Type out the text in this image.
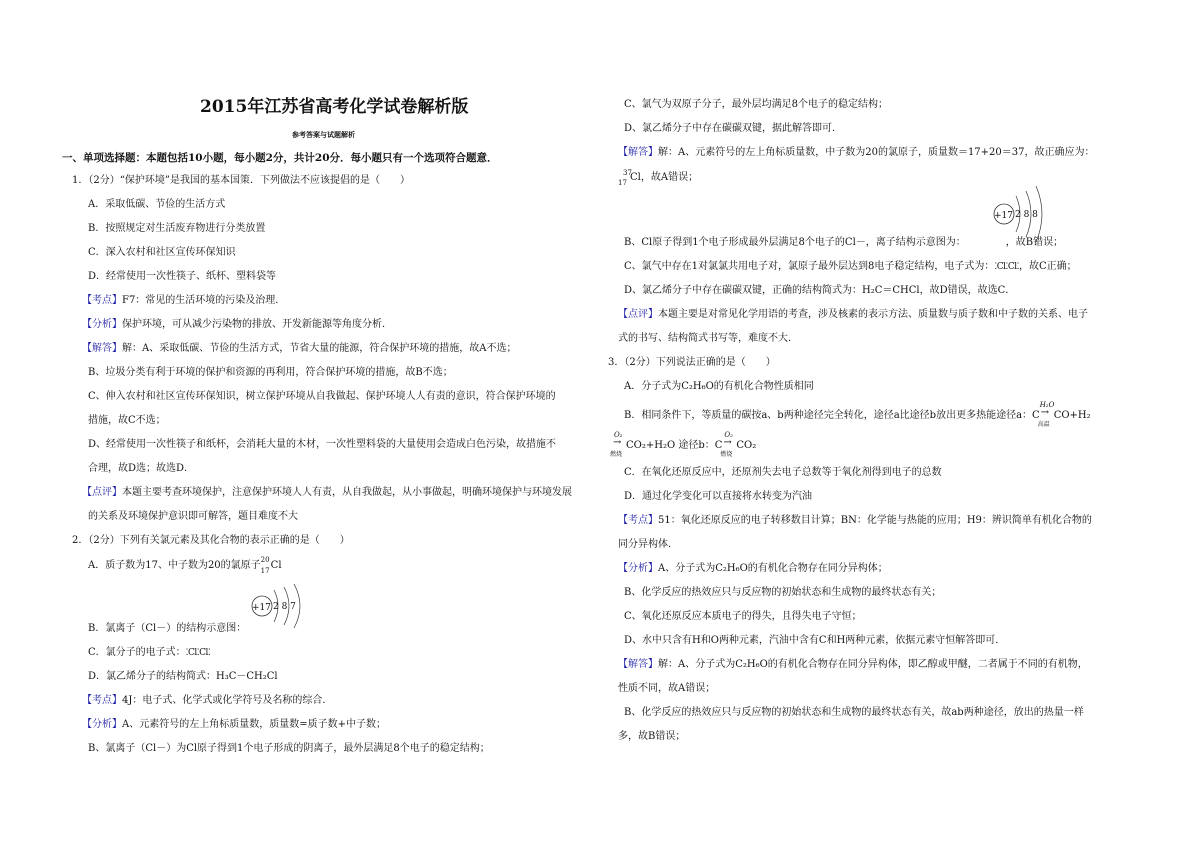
2015年江苏省高考化学试卷解析版
参考答案与试题解析
一、单项选择题：本题包括10小题，每小题2分，共计20分．每小题只有一个选项符合题意．
1．（2分）“保护环境”是我国的基本国策．下列做法不应该提倡的是（　　）
A．采取低碳、节俭的生活方式
B．按照规定对生活废弃物进行分类放置
C．深入农村和社区宣传环保知识
D．经常使用一次性筷子、纸杯、塑料袋等
【考点】F7：常见的生活环境的污染及治理．
【分析】保护环境，可从减少污染物的排放、开发新能源等角度分析．
【解答】解：A、采取低碳、节俭的生活方式，节省大量的能源，符合保护环境的措施，故A不选；
B、垃圾分类有利于环境的保护和资源的再利用，符合保护环境的措施，故B不选；
C、伸入农村和社区宣传环保知识，树立保护环境从自我做起、保护环境人人有责的意识，符合保护环境的
措施，故C不选；
D、经常使用一次性筷子和纸杯，会消耗大量的木材，一次性塑料袋的大量使用会造成白色污染，故措施不
合理，故D选；故选D．
【点评】本题主要考查环境保护，注意保护环境人人有责，从自我做起，从小事做起，明确环境保护与环境发展
的关系及环境保护意识即可解答，题目难度不大
2．（2分）下列有关氯元素及其化合物的表示正确的是（　　）
A．质子数为17、中子数为20的氯原子 20
17 Cl
+17 2 8 7
B．氯离子（Cl－）的结构示意图：
C．氯分子的电子式：⁚Cl⁚Cl⁚
D．氯乙烯分子的结构简式：H₃C－CH₂Cl
【考点】4J：电子式、化学式或化学符号及名称的综合．
【分析】A、元素符号的左上角标质量数，质量数=质子数+中子数；
B、氯离子（Cl－）为Cl原子得到1个电子形成的阴离子，最外层满足8个电子的稳定结构；
C、氯气为双原子分子，最外层均满足8个电子的稳定结构；
D、氯乙烯分子中存在碳碳双键，据此解答即可．
【解答】解：A、元素符号的左上角标质量数，中子数为20的氯原子，质量数＝17+20＝37，故正确应为：
17
37
Cl，故A错误；
+17 2 8 8
B、Cl原子得到1个电子形成最外层满足8个电子的Cl－，离子结构示意图为：	，故B错误；
C、氯气中存在1对氯氯共用电子对，氯原子最外层达到8电子稳定结构，电子式为：⁚Cl⁚Cl⁚，故C正确；
D、氯乙烯分子中存在碳碳双键，正确的结构简式为：H₂C＝CHCl，故D错误，故选C．
【点评】本题主要是对常见化学用语的考查，涉及核素的表示方法、质量数与质子数和中子数的关系、电子
式的书写、结构简式书写等，难度不大．
3．（2分）下列说法正确的是（　　）
A．分子式为C₂H₆O的有机化合物性质相同
B．相同条件下，等质量的碳按a、b两种途径完全转化，途径a比途径b放出更多热能途径a：C
H₂O
→
高温
CO+H₂
O₂
→
燃烧
CO₂+H₂O 途径b：C
O₂
→
燃烧
CO₂
C．在氧化还原反应中，还原剂失去电子总数等于氧化剂得到电子的总数
D．通过化学变化可以直接将水转变为汽油
【考点】51：氧化还原反应的电子转移数目计算；BN：化学能与热能的应用；H9：辨识简单有机化合物的
同分异构体．
【分析】A、分子式为C₂H₆O的有机化合物存在同分异构体；
B、化学反应的热效应只与反应物的初始状态和生成物的最终状态有关；
C、氧化还原反应本质电子的得失，且得失电子守恒；
D、水中只含有H和O两种元素，汽油中含有C和H两种元素，依据元素守恒解答即可．
【解答】解：A、分子式为C₂H₆O的有机化合物存在同分异构体，即乙醇或甲醚，二者属于不同的有机物，
性质不同，故A错误；
B、化学反应的热效应只与反应物的初始状态和生成物的最终状态有关，故ab两种途径，放出的热量一样
多，故B错误；
